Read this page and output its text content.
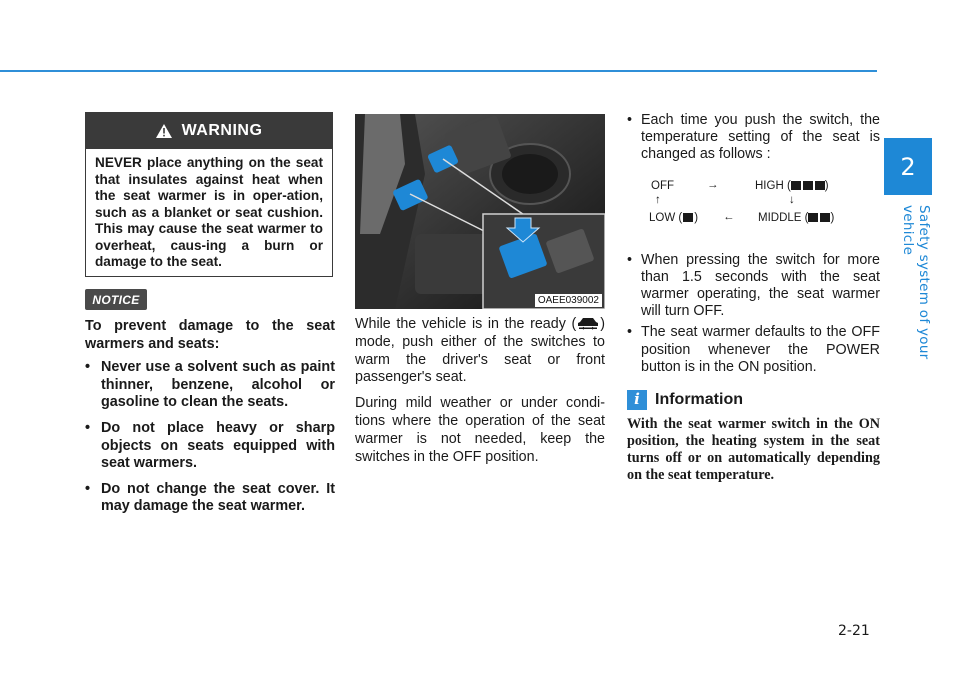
2
Safety system of your vehicle
2-21
WARNING
NEVER place anything on the seat that insulates against heat when the seat warmer is in oper-ation, such as a blanket or seat cushion. This may cause the seat warmer to overheat, caus-ing a burn or damage to the seat.
NOTICE

To prevent damage to the seat warmers and seats:

• Never use a solvent such as paint thinner, benzene, alcohol or gasoline to clean the seats.
• Do not place heavy or sharp objects on seats equipped with seat warmers.
• Do not change the seat cover. It may damage the seat warmer.
OAEE039002

While the vehicle is in the ready ( ) mode, push either of the switches to warm the driver's seat or front passenger's seat.

During mild weather or under condi-tions where the operation of the seat warmer is not needed, keep the switches in the OFF position.

• Each time you push the switch, the temperature setting of the seat is changed as follows :
OFF	→	HIGH (	)
↑	↓
LOW ( ) ← MIDDLE ( )
• When pressing the switch for more than 1.5 seconds with the seat warmer operating, the seat warmer will turn OFF.
• The seat warmer defaults to the OFF position whenever the POWER button is in the ON position.
i Information
With the seat warmer switch in the ON position, the heating system in the seat turns off or on automatically depending on the seat temperature.
